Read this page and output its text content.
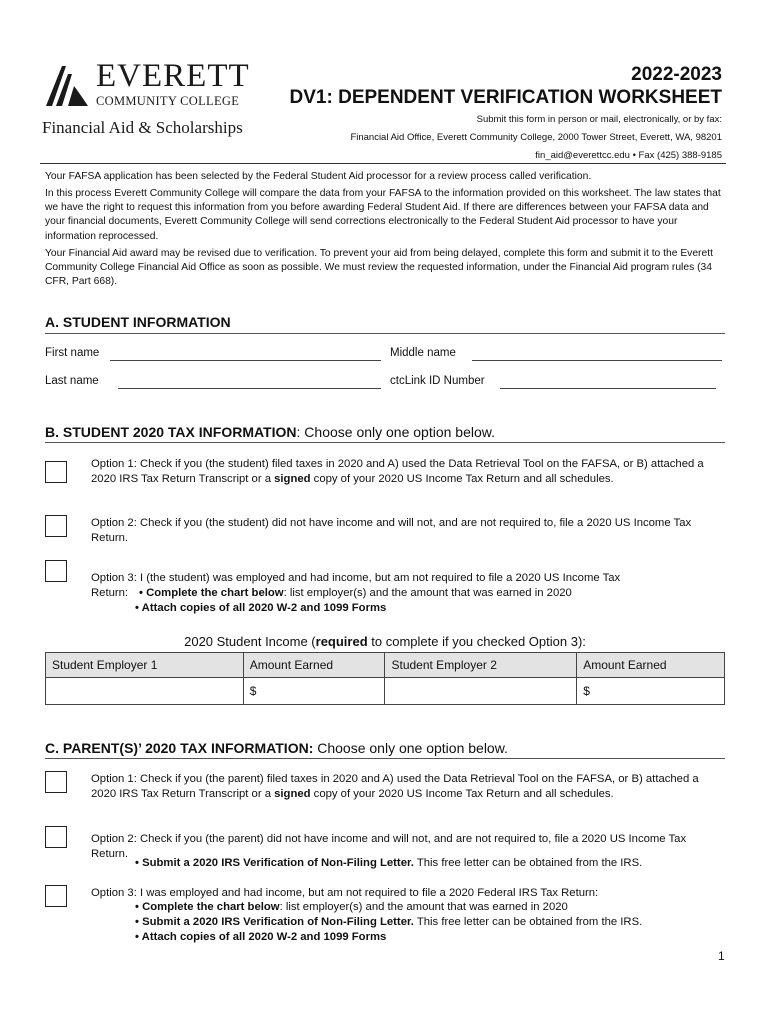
EVERETT
COMMUNITY COLLEGE
Financial Aid & Scholarships
2022-2023
DV1: DEPENDENT VERIFICATION WORKSHEET
Submit this form in person or mail, electronically, or by fax:
Financial Aid Office, Everett Community College, 2000 Tower Street, Everett, WA, 98201
fin_aid@everettcc.edu • Fax (425) 388-9185
Your FAFSA application has been selected by the Federal Student Aid processor for a review process called verification.
In this process Everett Community College will compare the data from your FAFSA to the information provided on this worksheet. The law states that we have the right to request this information from you before awarding Federal Student Aid. If there are differences between your FAFSA data and your financial documents, Everett Community College will send corrections electronically to the Federal Student Aid processor to have your information reprocessed.
Your Financial Aid award may be revised due to verification. To prevent your aid from being delayed, complete this form and submit it to the Everett Community College Financial Aid Office as soon as possible. We must review the requested information, under the Financial Aid program rules (34 CFR, Part 668).
A. STUDENT INFORMATION
First name	Middle name
Last name	ctcLink ID Number
B. STUDENT 2020 TAX INFORMATION: Choose only one option below.
Option 1: Check if you (the student) filed taxes in 2020 and A) used the Data Retrieval Tool on the FAFSA, or B) attached a 2020 IRS Tax Return Transcript or a signed copy of your 2020 US Income Tax Return and all schedules.
Option 2: Check if you (the student) did not have income and will not, and are not required to, file a 2020 US Income Tax Return.
Option 3: I (the student) was employed and had income, but am not required to file a 2020 US Income Tax
Return: • Complete the chart below: list employer(s) and the amount that was earned in 2020
• Attach copies of all 2020 W-2 and 1099 Forms
2020 Student Income (required to complete if you checked Option 3):
Student Employer 1	Amount Earned	Student Employer 2	Amount Earned
	$		$
C. PARENT(S)’ 2020 TAX INFORMATION: Choose only one option below.
Option 1: Check if you (the parent) filed taxes in 2020 and A) used the Data Retrieval Tool on the FAFSA, or B) attached a 2020 IRS Tax Return Transcript or a signed copy of your 2020 US Income Tax Return and all schedules.
Option 2: Check if you (the parent) did not have income and will not, and are not required to, file a 2020 US Income Tax Return.
• Submit a 2020 IRS Verification of Non-Filing Letter. This free letter can be obtained from the IRS.
Option 3: I was employed and had income, but am not required to file a 2020 Federal IRS Tax Return:
• Complete the chart below: list employer(s) and the amount that was earned in 2020
• Submit a 2020 IRS Verification of Non-Filing Letter. This free letter can be obtained from the IRS.
• Attach copies of all 2020 W-2 and 1099 Forms
1
